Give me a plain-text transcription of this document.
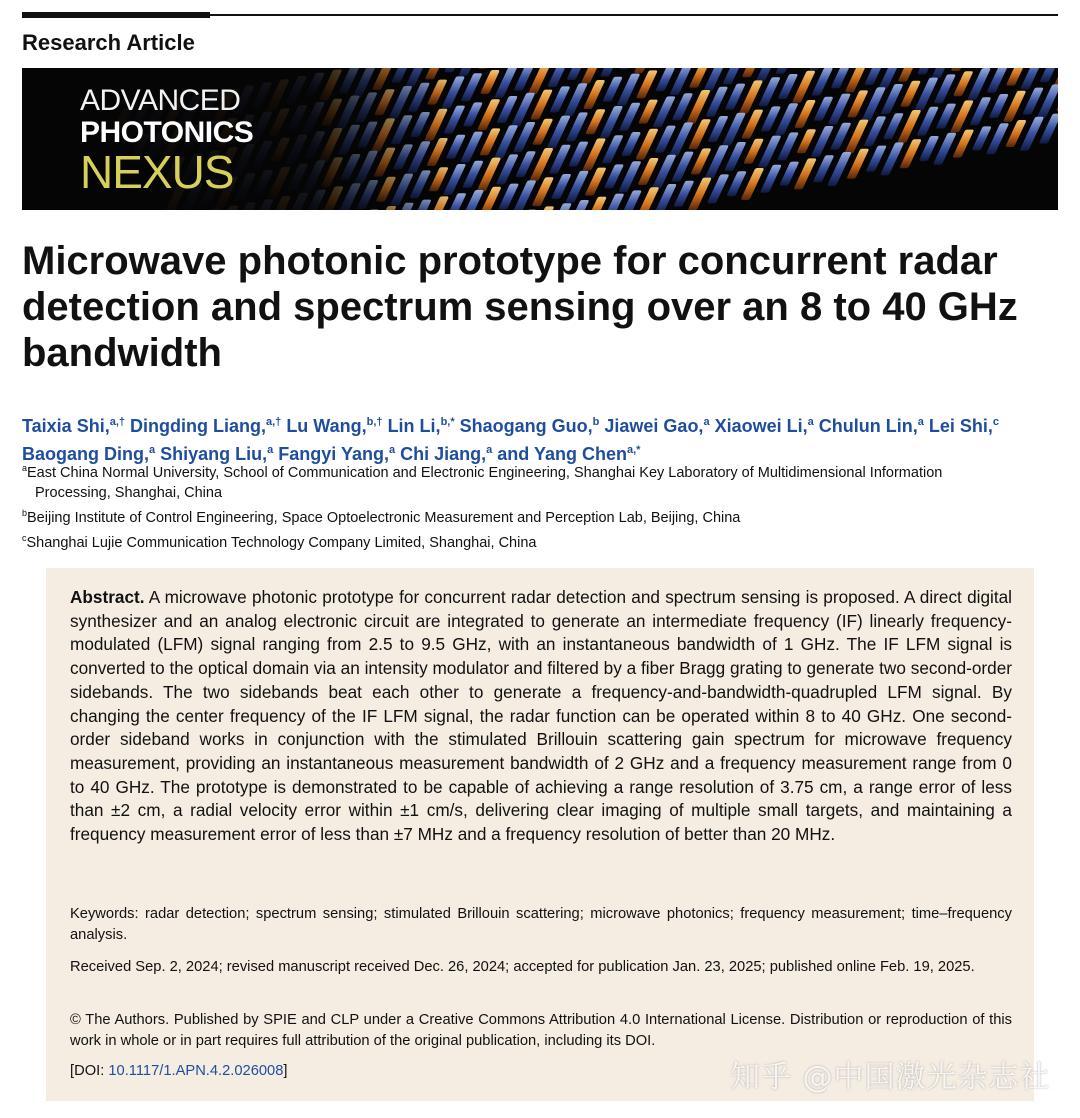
Research Article
ADVANCED
PHOTONICS
NEXUS
Microwave photonic prototype for concurrent radar detection and spectrum sensing over an 8 to 40 GHz bandwidth
Taixia Shi,$^{a,\dagger}$ Dingding Liang,$^{a,\dagger}$ Lu Wang,$^{b,\dagger}$ Lin Li,$^{b,*}$ Shaogang Guo,$^b$ Jiawei Gao,$^a$ Xiaowei Li,$^a$ Chulun Lin,$^a$ Lei Shi,$^c$ Baogang Ding,$^a$ Shiyang Liu,$^a$ Fangyi Yang,$^a$ Chi Jiang,$^a$ and Yang Chen$^{a,*}$

$^a$East China Normal University, School of Communication and Electronic Engineering, Shanghai Key Laboratory of Multidimensional Information

Processing, Shanghai, China

$^b$Beijing Institute of Control Engineering, Space Optoelectronic Measurement and Perception Lab, Beijing, China

$^c$Shanghai Lujie Communication Technology Company Limited, Shanghai, China

Abstract. A microwave photonic prototype for concurrent radar detection and spectrum sensing is proposed. A direct digital synthesizer and an analog electronic circuit are integrated to generate an intermediate frequency (IF) linearly frequency-modulated (LFM) signal ranging from 2.5 to 9.5 GHz, with an instantaneous bandwidth of 1 GHz. The IF LFM signal is converted to the optical domain via an intensity modulator and filtered by a fiber Bragg grating to generate two second-order sidebands. The two sidebands beat each other to generate a frequency-and-bandwidth-quadrupled LFM signal. By changing the center frequency of the IF LFM signal, the radar function can be operated within 8 to 40 GHz. One second-order sideband works in conjunction with the stimulated Brillouin scattering gain spectrum for microwave frequency measurement, providing an instantaneous measurement bandwidth of 2 GHz and a frequency measurement range from 0 to 40 GHz. The prototype is demonstrated to be capable of achieving a range resolution of 3.75 cm, a range error of less than ±2 cm, a radial velocity error within ±1 cm/s, delivering clear imaging of multiple small targets, and maintaining a frequency measurement error of less than ±7 MHz and a frequency resolution of better than 20 MHz.
Keywords: radar detection; spectrum sensing; stimulated Brillouin scattering; microwave photonics; frequency measurement; time–frequency analysis.
Received Sep. 2, 2024; revised manuscript received Dec. 26, 2024; accepted for publication Jan. 23, 2025; published online Feb. 19, 2025.
© The Authors. Published by SPIE and CLP under a Creative Commons Attribution 4.0 International License. Distribution or reproduction of this work in whole or in part requires full attribution of the original publication, including its DOI.
[DOI: 10.1117/1.APN.4.2.026008]	知乎 @中国激光杂志社
